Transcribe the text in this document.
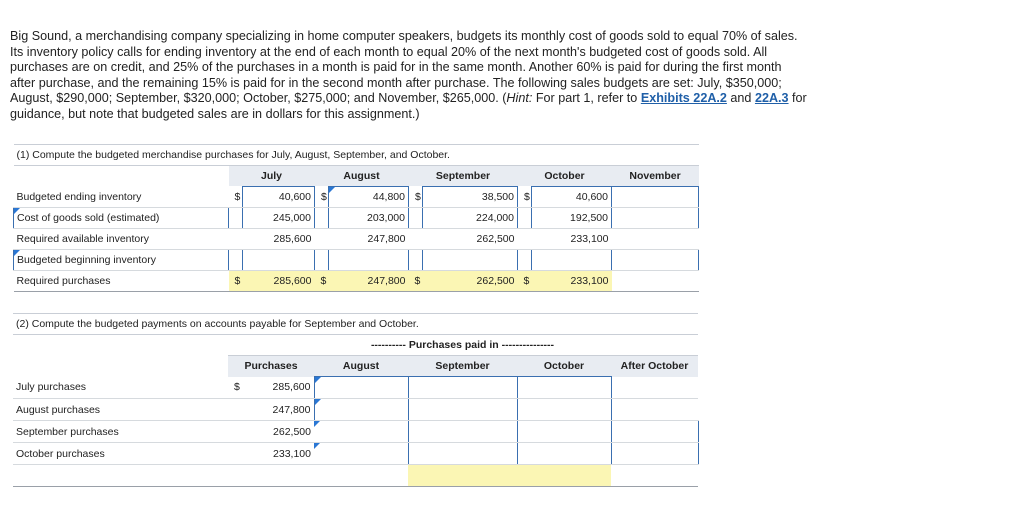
Big Sound, a merchandising company specializing in home computer speakers, budgets its monthly cost of goods sold to equal 70% of sales. Its inventory policy calls for ending inventory at the end of each month to equal 20% of the next month's budgeted cost of goods sold. All purchases are on credit, and 25% of the purchases in a month is paid for in the same month. Another 60% is paid for during the first month after purchase, and the remaining 15% is paid for in the second month after purchase. The following sales budgets are set: July, $350,000; August, $290,000; September, $320,000; October, $275,000; and November, $265,000. (Hint: For part 1, refer to Exhibits 22A.2 and 22A.3 for guidance, but note that budgeted sales are in dollars for this assignment.)
(1) Compute the budgeted merchandise purchases for July, August, September, and October.									
	July		August		September		October		November
Budgeted ending inventory	$	40,600	$	44,800	$	38,500	$	40,600	
Cost of goods sold (estimated)		245,000		203,000		224,000		192,500	
Required available inventory		285,600		247,800		262,500		233,100	
Budgeted beginning inventory									
Required purchases	$	285,600	$	247,800	$	262,500	$	233,100	
(2) Compute the budgeted payments on accounts payable for September and October.						
			---------- Purchases paid in ---------------			
	Purchases		August	September	October	After October
July purchases	$	285,600				
August purchases		247,800				
September purchases		262,500				
October purchases		233,100				
